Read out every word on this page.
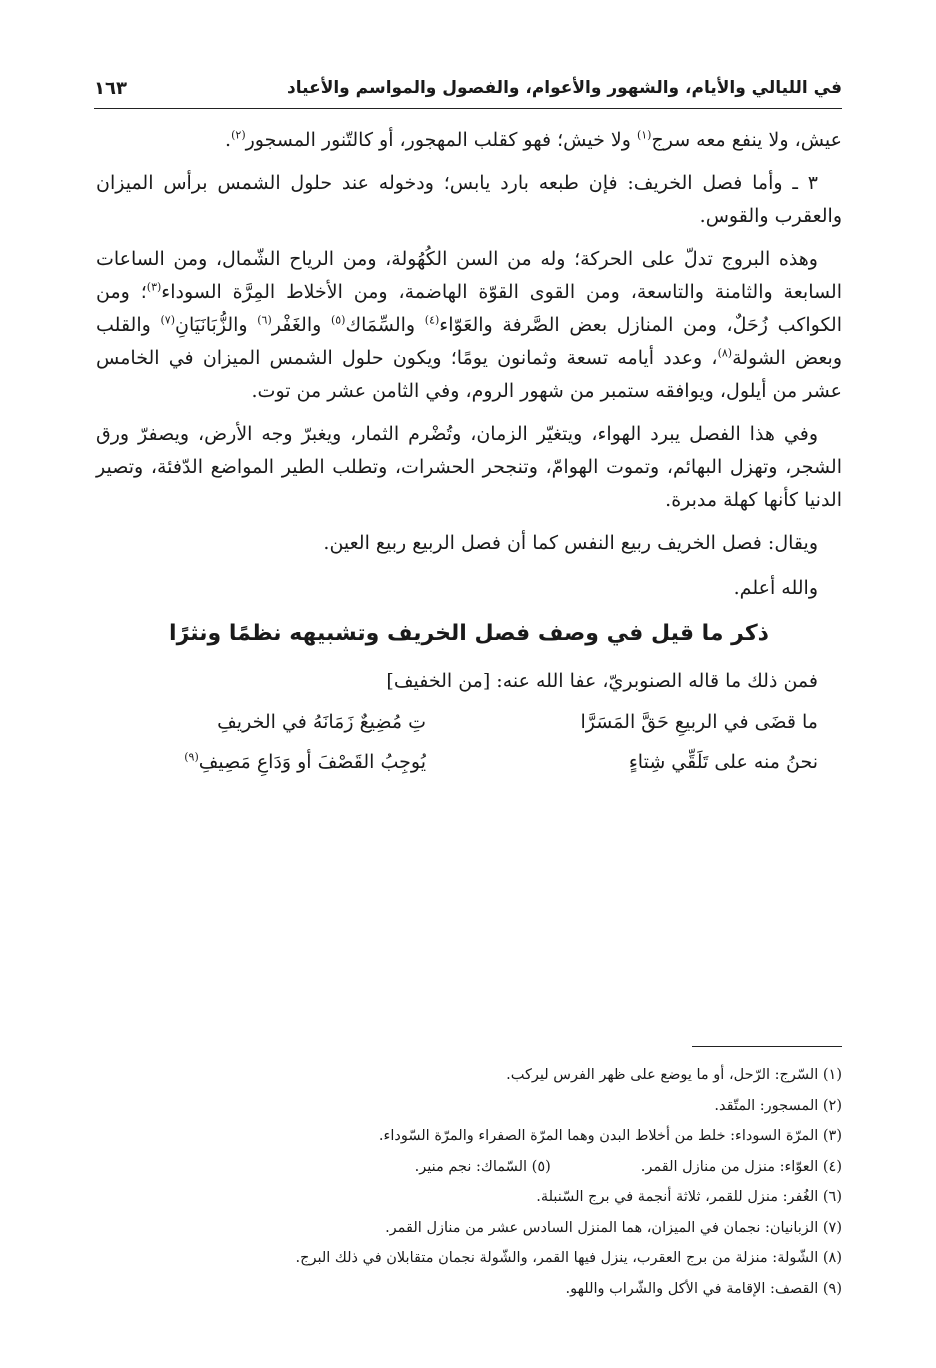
في الليالي والأيام، والشهور والأعوام، والفصول والمواسم والأعياد
١٦٣

عيش، ولا ينفع معه سرج$^{(١)}$ ولا خيش؛ فهو كقلب المهجور، أو كالتّنور المسجور$^{(٢)}$.

٣ ـ وأما فصل الخريف: فإن طبعه بارد يابس؛ ودخوله عند حلول الشمس برأس الميزان والعقرب والقوس.

وهذه البروج تدلّ على الحركة؛ وله من السن الكُهُولة، ومن الرياح الشّمال، ومن الساعات السابعة والثامنة والتاسعة، ومن القوى القوّة الهاضمة، ومن الأخلاط المِرَّة السوداء$^{(٣)}$؛ ومن الكواكب زُحَلٌ، ومن المنازل بعض الصَّرفة والعَوّاء$^{(٤)}$ والسِّمَاك$^{(٥)}$ والغَفْر$^{(٦)}$ والزُّبَانَيَانِ$^{(٧)}$ والقلب وبعض الشولة$^{(٨)}$، وعدد أيامه تسعة وثمانون يومًا؛ ويكون حلول الشمس الميزان في الخامس عشر من أيلول، ويوافقه ستمبر من شهور الروم، وفي الثامن عشر من توت.

وفي هذا الفصل يبرد الهواء، ويتغيّر الزمان، وتُضْرم الثمار، ويغبرّ وجه الأرض، ويصفرّ ورق الشجر، وتهزل البهائم، وتموت الهوامّ، وتنجحر الحشرات، وتطلب الطير المواضع الدّفئة، وتصير الدنيا كأنها كهلة مدبرة.

ويقال: فصل الخريف ربيع النفس كما أن فصل الربيع ربيع العين.

والله أعلم.

ذكر ما قيل في وصف فصل الخريف وتشبيهه نظمًا ونثرًا

فمن ذلك ما قاله الصنوبريّ، عفا الله عنه: [من الخفيف]

ما قضَى في الربيعِ حَقَّ المَسَرَّا
تِ مُضِيعٌ زَمَانَهُ في الخريفِ
نحنُ منه على تَلَقِّي شِتاءٍ
يُوجِبُ القَصْفَ أو وَدَاعِ مَصِيفِ$^{(٩)}$
(١) السّرج: الرّحل، أو ما يوضع على ظهر الفرس ليركب.
(٢) المسجور: المتّقد.
(٣) المرّة السوداء: خلط من أخلاط البدن وهما المرّة الصفراء والمرّة السّوداء.
(٤) العوّاء: منزل من منازل القمر.(٥) السّماك: نجم منير.
(٦) الغُفر: منزل للقمر، ثلاثة أنجمة في برج السّنبلة.
(٧) الزبانيان: نجمان في الميزان، هما المنزل السادس عشر من منازل القمر.
(٨) الشّولة: منزلة من برج العقرب، ينزل فيها القمر، والشّولة نجمان متقابلان في ذلك البرج.
(٩) القصف: الإقامة في الأكل والشّراب واللهو.
